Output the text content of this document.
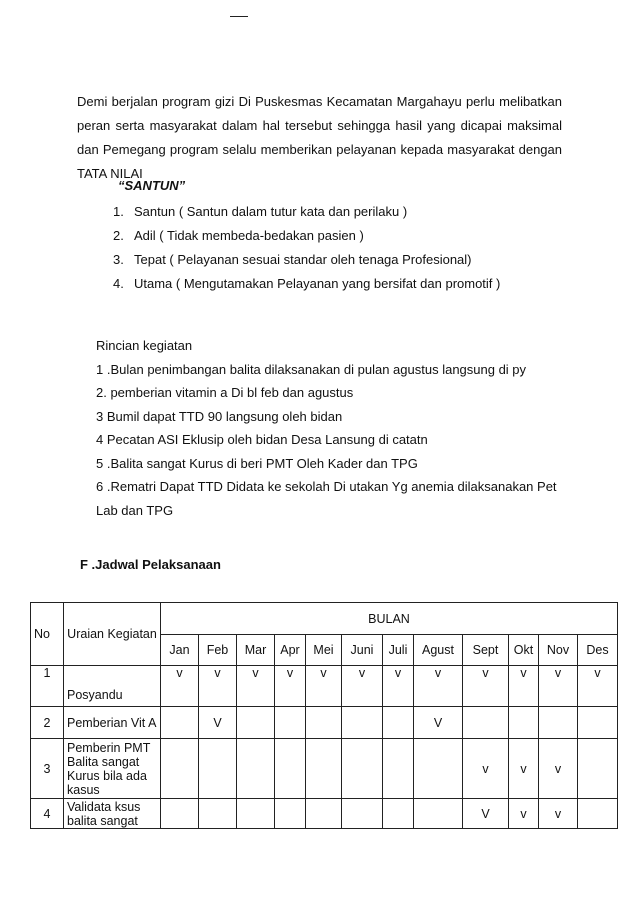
Demi berjalan program gizi Di Puskesmas Kecamatan Margahayu perlu melibatkan
peran serta masyarakat dalam hal tersebut sehingga hasil yang dicapai maksimal
dan Pemegang program selalu memberikan pelayanan kepada masyarakat dengan
TATA NILAI
“SANTUN”
1. Santun ( Santun dalam tutur kata dan perilaku )
2. Adil ( Tidak membeda-bedakan pasien )
3. Tepat ( Pelayanan sesuai standar oleh tenaga Profesional)
4. Utama ( Mengutamakan Pelayanan yang bersifat dan promotif )
Rincian kegiatan
1 .Bulan penimbangan balita dilaksanakan di pulan agustus langsung di py
2. pemberian vitamin a Di bl feb dan agustus
3 Bumil dapat TTD 90 langsung oleh bidan
4 Pecatan ASI Eklusip oleh bidan Desa Lansung di catatn
5 .Balita sangat Kurus di beri PMT Oleh Kader dan TPG
6 .Rematri Dapat TTD Didata ke sekolah Di utakan Yg anemia dilaksanakan Pet
Lab dan TPG
F .Jadwal Pelaksanaan
No	Uraian Kegiatan	BULAN											
		Jan	Feb	Mar	Apr	Mei	Juni	Juli	Agust	Sept	Okt	Nov	Des
1	Posyandu	v	v	v	v	v	v	v	v	v	v	v	v
2	Pemberian Vit A		V						V				
3	Pemberin PMT Balita sangat Kurus bila ada kasus									v	v	v	
4	Validata ksus balita sangat									V	v	v	
